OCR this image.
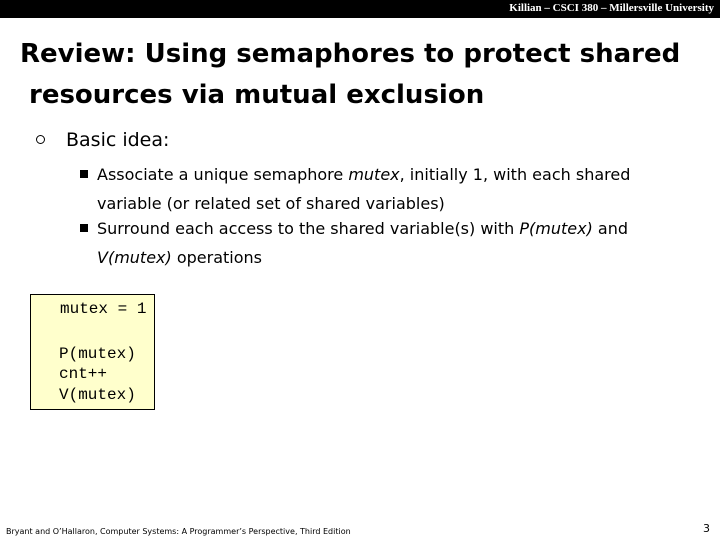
Killian – CSCI 380 – Millersville University
Review: Using semaphores to protect shared
resources via mutual exclusion
Basic idea:
Associate a unique semaphore mutex, initially 1, with each shared variable (or related set of shared variables)
Surround each access to the shared variable(s) with P(mutex) and V(mutex) operations
mutex = 1
P(mutex)
cnt++
V(mutex)
Bryant and O’Hallaron, Computer Systems: A Programmer’s Perspective, Third Edition	3
